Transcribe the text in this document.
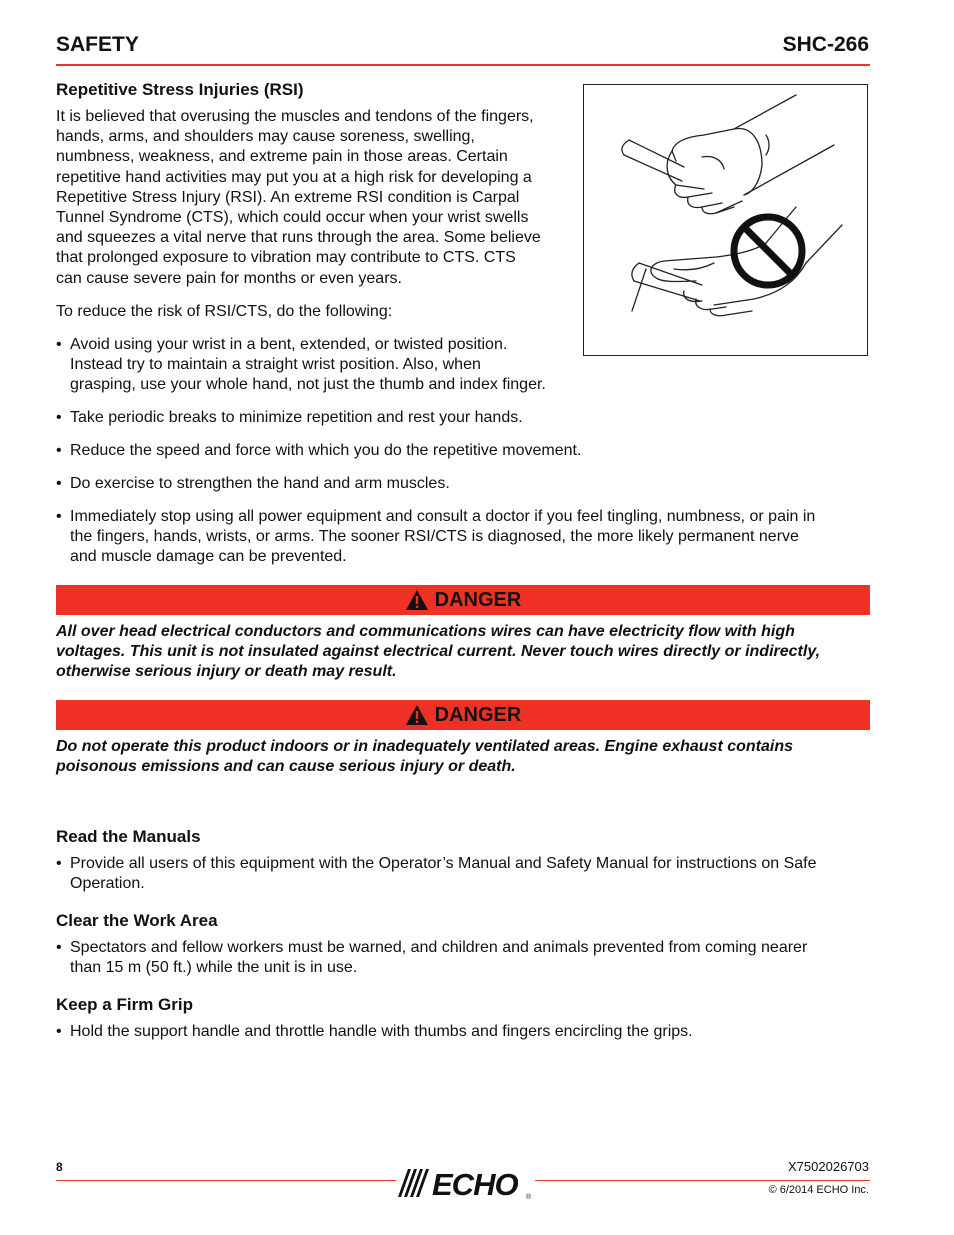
SAFETY	SHC-266
Repetitive Stress Injuries (RSI)
It is believed that overusing the muscles and tendons of the fingers,
hands, arms, and shoulders may cause soreness, swelling,
numbness, weakness, and extreme pain in those areas. Certain
repetitive hand activities may put you at a high risk for developing a
Repetitive Stress Injury (RSI). An extreme RSI condition is Carpal
Tunnel Syndrome (CTS), which could occur when your wrist swells
and squeezes a vital nerve that runs through the area. Some believe
that prolonged exposure to vibration may contribute to CTS. CTS
can cause severe pain for months or even years.
To reduce the risk of RSI/CTS, do the following:
• Avoid using your wrist in a bent, extended, or twisted position.
Instead try to maintain a straight wrist position. Also, when
grasping, use your whole hand, not just the thumb and index finger.
• Take periodic breaks to minimize repetition and rest your hands.
• Reduce the speed and force with which you do the repetitive movement.
• Do exercise to strengthen the hand and arm muscles.
• Immediately stop using all power equipment and consult a doctor if you feel tingling, numbness, or pain in
the fingers, hands, wrists, or arms. The sooner RSI/CTS is diagnosed, the more likely permanent nerve
and muscle damage can be prevented.
DANGER
All over head electrical conductors and communications wires can have electricity flow with high
voltages. This unit is not insulated against electrical current. Never touch wires directly or indirectly,
otherwise serious injury or death may result.
DANGER
Do not operate this product indoors or in inadequately ventilated areas. Engine exhaust contains
poisonous emissions and can cause serious injury or death.
Read the Manuals
• Provide all users of this equipment with the Operator’s Manual and Safety Manual for instructions on Safe
Operation.
Clear the Work Area
• Spectators and fellow workers must be warned, and children and animals prevented from coming nearer
than 15 m (50 ft.) while the unit is in use.
Keep a Firm Grip
• Hold the support handle and throttle handle with thumbs and fingers encircling the grips.
8	X7502026703
© 6/2014 ECHO Inc.
ECHO ®
